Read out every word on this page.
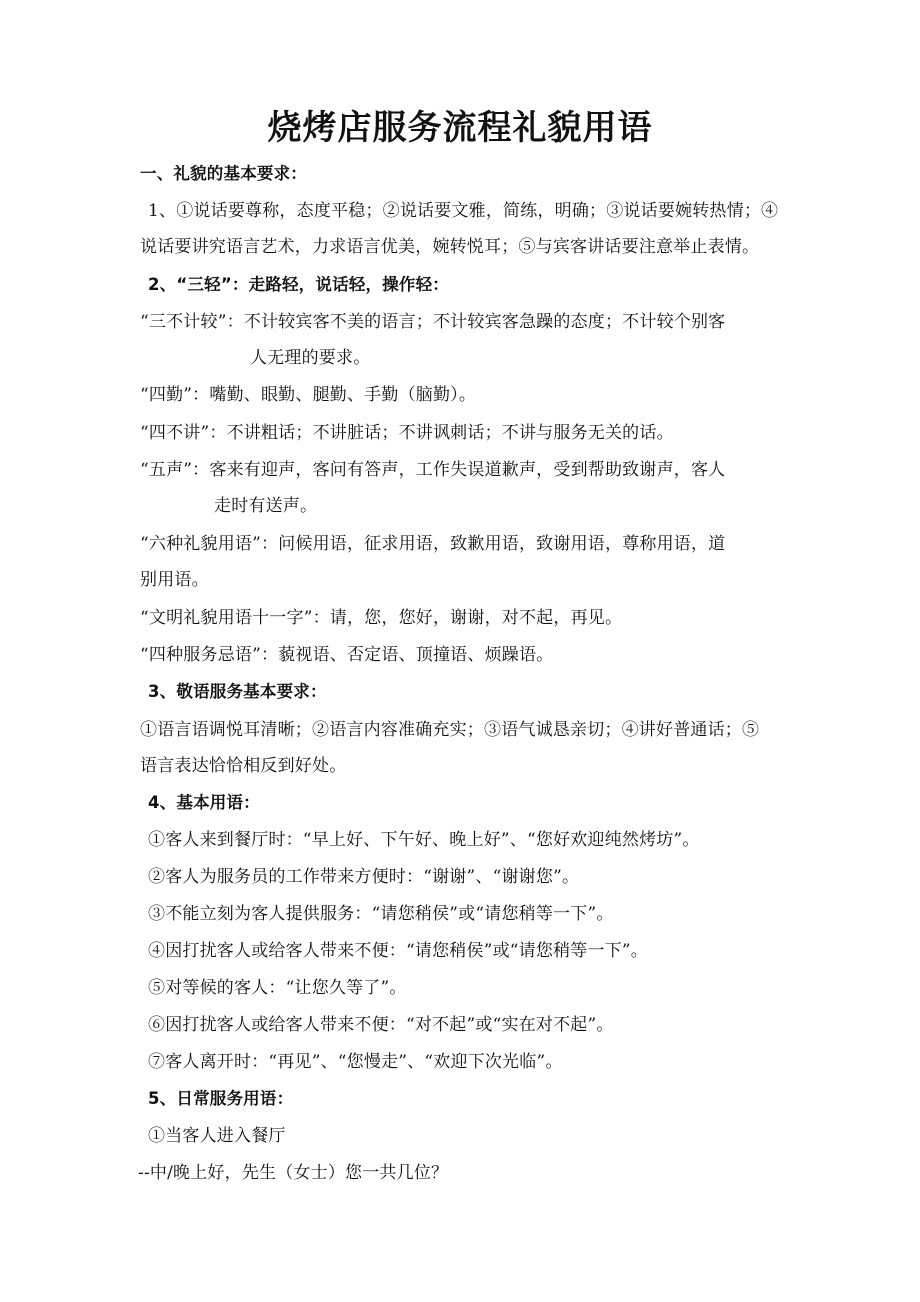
烧烤店服务流程礼貌用语
一、礼貌的基本要求：
1、①说话要尊称，态度平稳；②说话要文雅，简练，明确；③说话要婉转热情；④
说话要讲究语言艺术，力求语言优美，婉转悦耳；⑤与宾客讲话要注意举止表情。
2、“三轻”：走路轻，说话轻，操作轻：
“三不计较”：不计较宾客不美的语言；不计较宾客急躁的态度；不计较个别客
人无理的要求。
“四勤”：嘴勤、眼勤、腿勤、手勤（脑勤）。
“四不讲”：不讲粗话；不讲脏话；不讲讽刺话；不讲与服务无关的话。
“五声”：客来有迎声，客问有答声，工作失误道歉声，受到帮助致谢声，客人
走时有送声。
“六种礼貌用语”：问候用语，征求用语，致歉用语，致谢用语，尊称用语，道
别用语。
“文明礼貌用语十一字”：请，您，您好，谢谢，对不起，再见。
“四种服务忌语”：藐视语、否定语、顶撞语、烦躁语。
3、敬语服务基本要求：
①语言语调悦耳清晰；②语言内容准确充实；③语气诚恳亲切；④讲好普通话；⑤
语言表达恰恰相反到好处。
4、基本用语：
①客人来到餐厅时：“早上好、下午好、晚上好”、“您好欢迎纯然烤坊”。
②客人为服务员的工作带来方便时：“谢谢”、“谢谢您”。
③不能立刻为客人提供服务：“请您稍侯”或“请您稍等一下”。
④因打扰客人或给客人带来不便：“请您稍侯”或“请您稍等一下”。
⑤对等候的客人：“让您久等了”。
⑥因打扰客人或给客人带来不便：“对不起”或“实在对不起”。
⑦客人离开时：“再见”、“您慢走”、“欢迎下次光临”。
5、日常服务用语：
①当客人进入餐厅
--中/晚上好，先生（女士）您一共几位？
